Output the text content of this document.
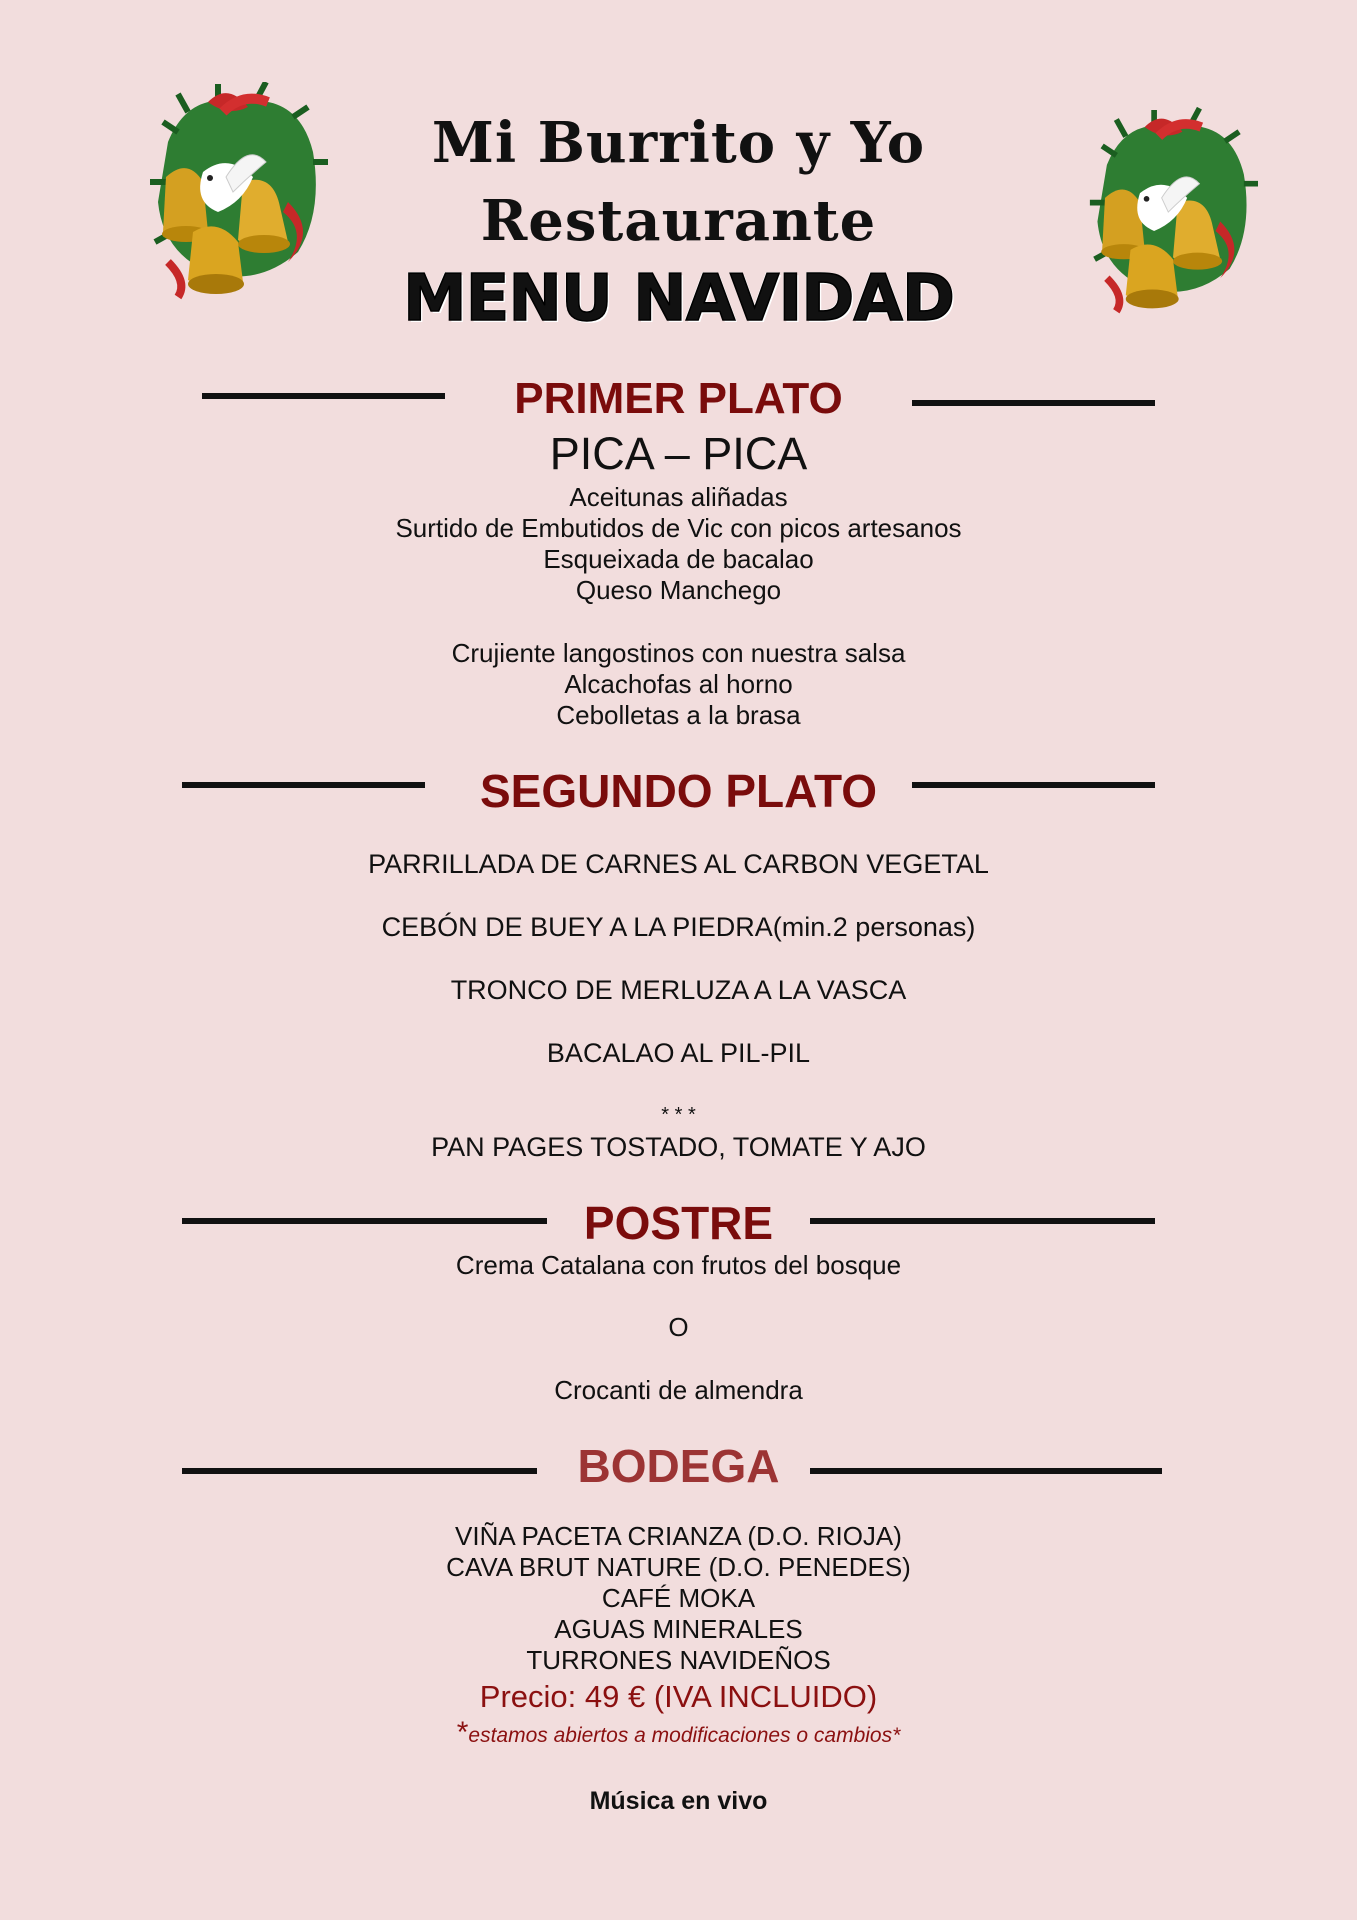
Mi Burrito y Yo
Restaurante
MENU NAVIDAD
PRIMER PLATO
PICA – PICA
Aceitunas aliñadas
Surtido de Embutidos de Vic con picos artesanos
Esqueixada de bacalao
Queso Manchego
Crujiente langostinos con nuestra salsa
Alcachofas al horno
Cebolletas a la brasa
SEGUNDO PLATO
PARRILLADA DE CARNES AL CARBON VEGETAL
CEBÓN DE BUEY A LA PIEDRA(min.2 personas)
TRONCO DE MERLUZA A LA VASCA
BACALAO AL PIL-PIL
* * *
PAN PAGES TOSTADO, TOMATE Y AJO
POSTRE
Crema Catalana con frutos del bosque
O
Crocanti de almendra
BODEGA
VIÑA PACETA CRIANZA (D.O. RIOJA)
CAVA BRUT NATURE (D.O. PENEDES)
CAFÉ MOKA
AGUAS MINERALES
TURRONES NAVIDEÑOS
Precio: 49 € (IVA INCLUIDO)
*estamos abiertos a modificaciones o cambios*
Música en vivo
